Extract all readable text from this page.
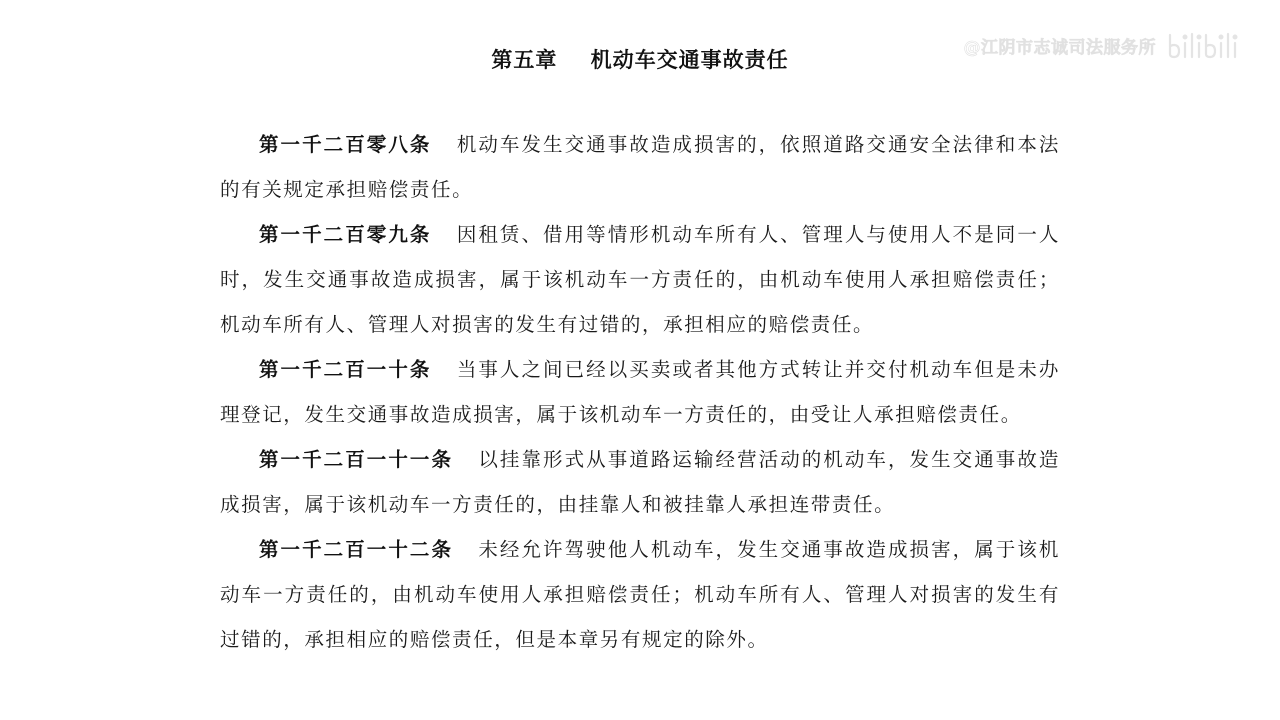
第五章    机动车交通事故责任
@江阴市志诚司法服务所

第一千二百零八条 机动车发生交通事故造成损害的，依照道路交通安全法律和本法的有关规定承担赔偿责任。

第一千二百零九条 因租赁、借用等情形机动车所有人、管理人与使用人不是同一人时，发生交通事故造成损害，属于该机动车一方责任的，由机动车使用人承担赔偿责任；机动车所有人、管理人对损害的发生有过错的，承担相应的赔偿责任。

第一千二百一十条 当事人之间已经以买卖或者其他方式转让并交付机动车但是未办理登记，发生交通事故造成损害，属于该机动车一方责任的，由受让人承担赔偿责任。

第一千二百一十一条 以挂靠形式从事道路运输经营活动的机动车，发生交通事故造成损害，属于该机动车一方责任的，由挂靠人和被挂靠人承担连带责任。

第一千二百一十二条 未经允许驾驶他人机动车，发生交通事故造成损害，属于该机动车一方责任的，由机动车使用人承担赔偿责任；机动车所有人、管理人对损害的发生有过错的，承担相应的赔偿责任，但是本章另有规定的除外。
